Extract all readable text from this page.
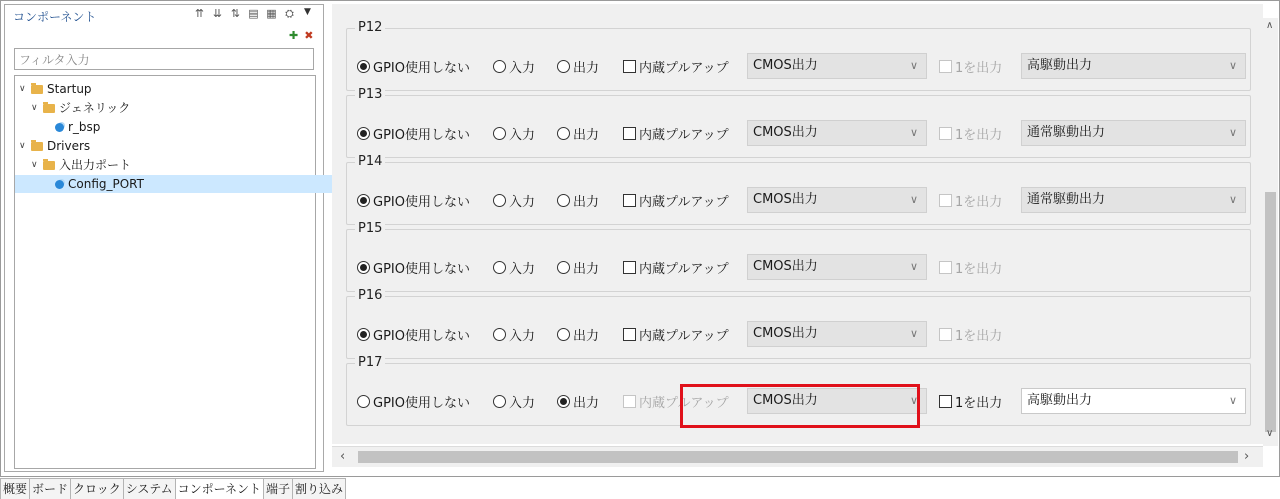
コンポーネント	⇈ ⇊ ⇅ ▤ ▦ ⛭	▼
✚ ✖
フィルタ入力
∨ Startup
∨ ジェネリック
r_bsp
∨ Drivers
∨ 入出力ポート
Config_PORT
P12
GPIO使用しない	入力	出力	内蔵プルアップ	CMOS出力	∨	1を出力	高駆動出力	∨
P13
GPIO使用しない	入力	出力	内蔵プルアップ	CMOS出力	∨	1を出力	通常駆動出力	∨
P14
GPIO使用しない	入力	出力	内蔵プルアップ	CMOS出力	∨	1を出力	通常駆動出力	∨
P15
GPIO使用しない	入力	出力	内蔵プルアップ	CMOS出力	∨	1を出力
P16
GPIO使用しない	入力	出力	内蔵プルアップ	CMOS出力	∨	1を出力
P17
GPIO使用しない	入力	出力	内蔵プルアップ	CMOS出力	∨	1を出力	高駆動出力	∨
∧
∨
‹	›
概要 ボード クロック システム コンポーネント 端子 割り込み
